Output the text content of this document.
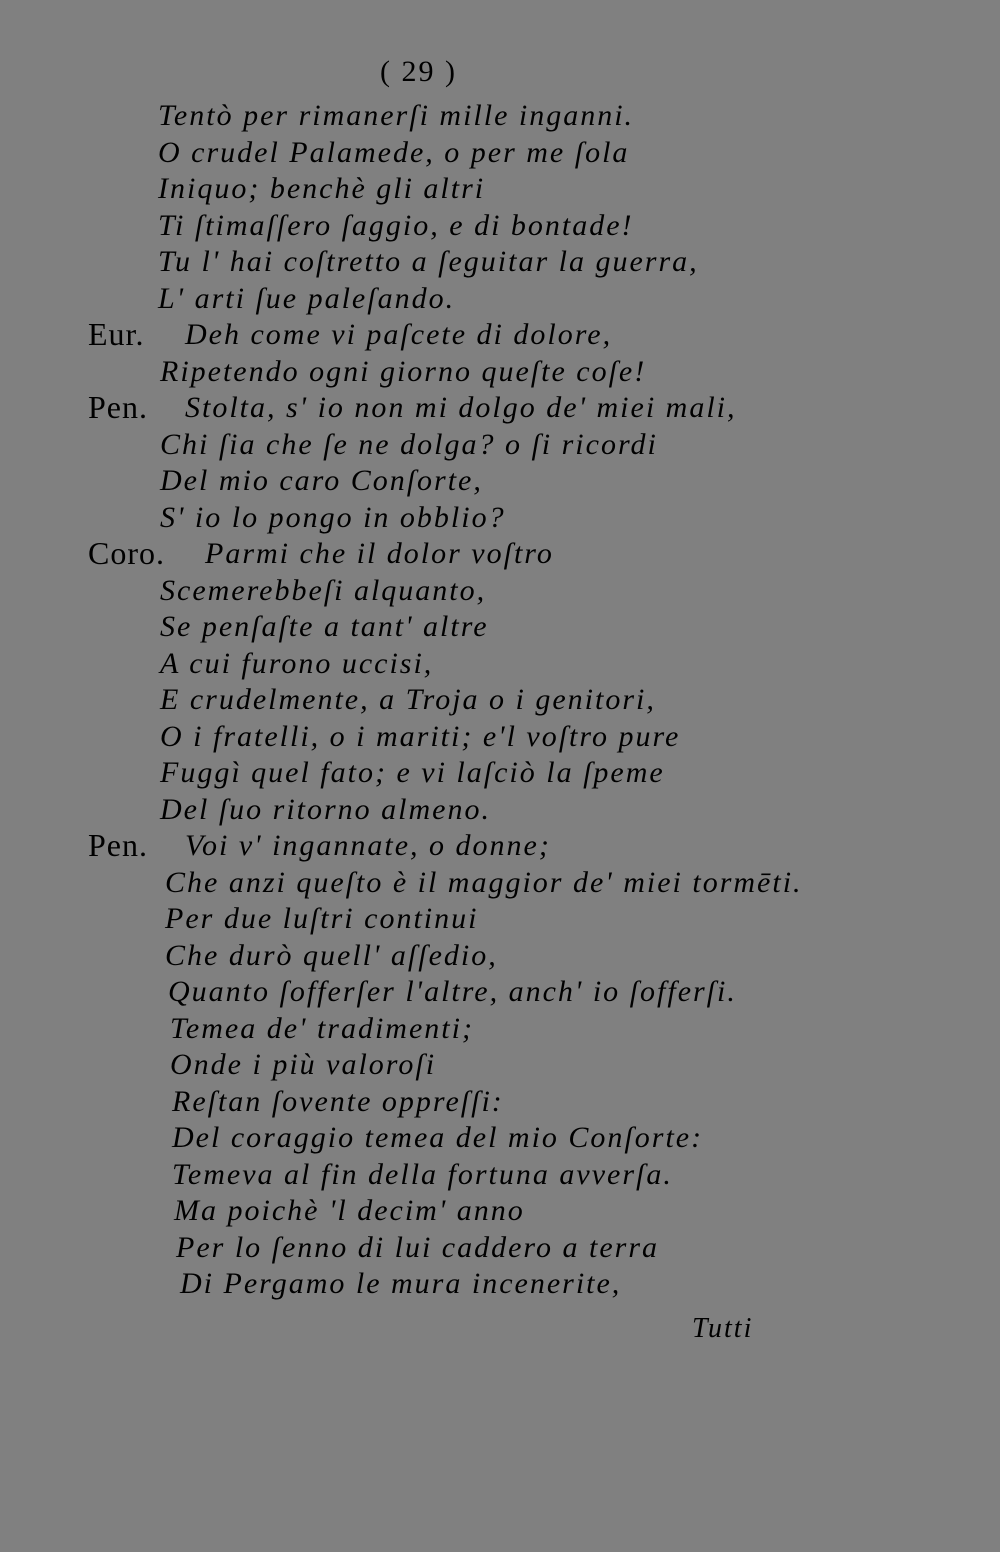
( 29 )
Tentò per rimanerſi mille inganni.
O crudel Palamede, o per me ſola
Iniquo; benchè gli altri
Ti ſtimaſſero ſaggio, e di bontade!
Tu l' hai coſtretto a ſeguitar la guerra,
L' arti ſue paleſando.
Eur. Deh come vi paſcete di dolore,
Ripetendo ogni giorno queſte coſe!
Pen. Stolta, s' io non mi dolgo de' miei mali,
Chi ſia che ſe ne dolga? o ſi ricordi
Del mio caro Conſorte,
S' io lo pongo in obblio?
Coro. Parmi che il dolor voſtro
Scemerebbeſi alquanto,
Se penſaſte a tant' altre
A cui furono uccisi,
E crudelmente, a Troja o i genitori,
O i fratelli, o i mariti; e'l voſtro pure
Fuggì quel fato; e vi laſciò la ſpeme
Del ſuo ritorno almeno.
Pen. Voi v' ingannate, o donne;
Che anzi queſto è il maggior de' miei tormēti.
Per due luſtri continui
Che durò quell' aſſedio,
Quanto ſofferſer l'altre, anch' io ſofferſi.
Temea de' tradimenti;
Onde i più valoroſi
Reſtan ſovente oppreſſi:
Del coraggio temea del mio Conſorte:
Temeva al fin della fortuna avverſa.
Ma poichè 'l decim' anno
Per lo ſenno di lui caddero a terra
Di Pergamo le mura incenerite,
Tutti
